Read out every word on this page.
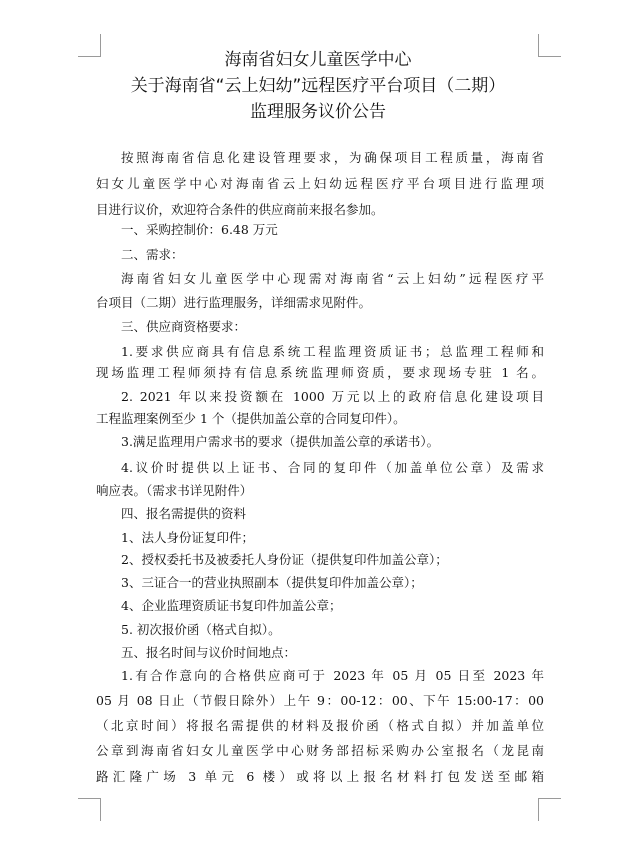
海南省妇女儿童医学中心
关于海南省“云上妇幼”远程医疗平台项目（二期）
监理服务议价公告
按照海南省信息化建设管理要求，为确保项目工程质量，海南省
妇女儿童医学中心对海南省云上妇幼远程医疗平台项目进行监理项
目进行议价，欢迎符合条件的供应商前来报名参加。
一、采购控制价：6.48 万元
二、需求：
海南省妇女儿童医学中心现需对海南省“云上妇幼”远程医疗平
台项目（二期）进行监理服务，详细需求见附件。
三、供应商资格要求：
1.要求供应商具有信息系统工程监理资质证书；总监理工程师和
现场监理工程师须持有信息系统监理师资质，要求现场专驻 1 名。
2. 2021 年以来投资额在 1000 万元以上的政府信息化建设项目
工程监理案例至少 1 个（提供加盖公章的合同复印件）。
3.满足监理用户需求书的要求（提供加盖公章的承诺书）。
4.议价时提供以上证书、合同的复印件（加盖单位公章）及需求
响应表。（需求书详见附件）
四、报名需提供的资料
1、法人身份证复印件；
2、授权委托书及被委托人身份证（提供复印件加盖公章）；
3、三证合一的营业执照副本（提供复印件加盖公章）；
4、企业监理资质证书复印件加盖公章；
5. 初次报价函（格式自拟）。
五、报名时间与议价时间地点：
1.有合作意向的合格供应商可于 2023 年 05 月 05 日至 2023 年
05 月 08 日止（节假日除外）上午 9：00-12：00、下午 15:00-17：00
（北京时间）将报名需提供的材料及报价函（格式自拟）并加盖单位
公章到海南省妇女儿童医学中心财务部招标采购办公室报名（龙昆南
路汇隆广场 3 单元 6 楼）或将以上报名材料打包发送至邮箱
